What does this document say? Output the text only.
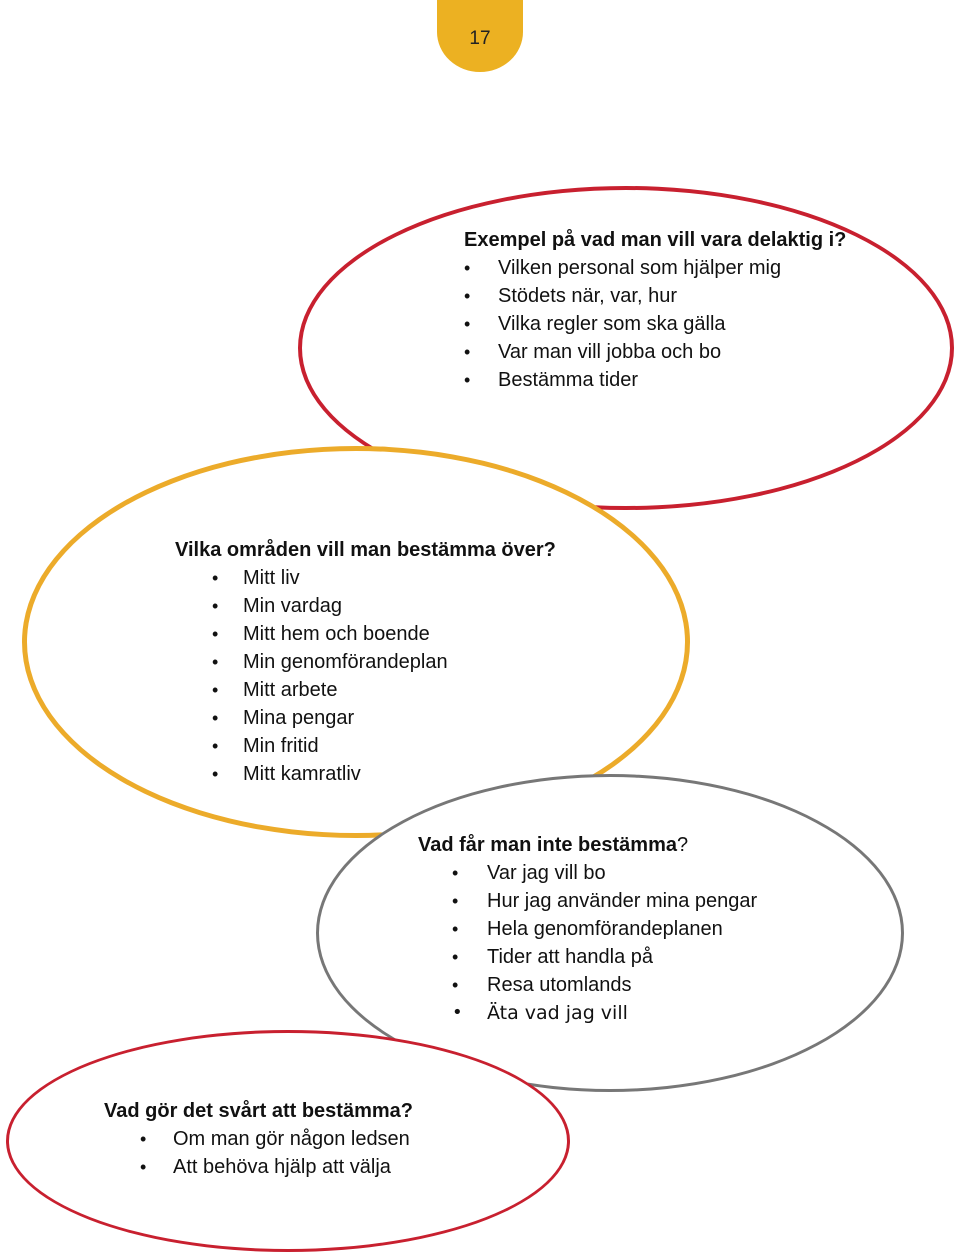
17
Exempel på vad man vill vara delaktig i?
• Vilken personal som hjälper mig
• Stödets när, var, hur
• Vilka regler som ska gälla
• Var man vill jobba och bo
• Bestämma tider
Vilka områden vill man bestämma över?
• Mitt liv
• Min vardag
• Mitt hem och boende
• Min genomförandeplan
• Mitt arbete
• Mina pengar
• Min fritid
• Mitt kamratliv
Vad får man inte bestämma?
• Var jag vill bo
• Hur jag använder mina pengar
• Hela genomförandeplanen
• Tider att handla på
• Resa utomlands
• Äta vad jag vill
Vad gör det svårt att bestämma?
• Om man gör någon ledsen
• Att behöva hjälp att välja
